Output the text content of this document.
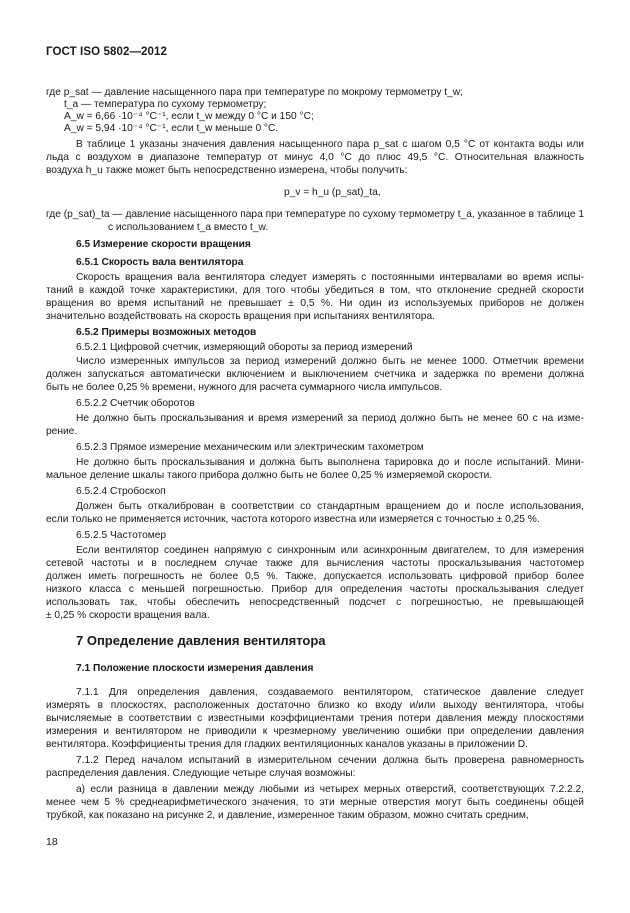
ГОСТ ISO 5802—2012
где p_sat — давление насыщенного пара при температуре по мокрому термометру t_w;
t_a — температура по сухому термометру;
A_w = 6,66 ·10⁻⁴ °C⁻¹, если t_w между 0 °C и 150 °C;
A_w = 5,94 ·10⁻⁴ °C⁻¹, если t_w меньше 0 °C.
В таблице 1 указаны значения давления насыщенного пара p_sat с шагом 0,5 °C от контакта воды или
льда с воздухом в диапазоне температур от минус 4,0 °C до плюс 49,5 °C. Относительная влажность
воздуха h_u также может быть непосредственно измерена, чтобы получить:
p_v = h_u (p_sat)_ta,
где (p_sat)_ta — давление насыщенного пара при температуре по сухому термометру t_a, указанное в таблице 1
с использованием t_a вместо t_w.
6.5 Измерение скорости вращения
6.5.1 Скорость вала вентилятора
Скорость вращения вала вентилятора следует измерять с постоянными интервалами во время испы-
таний в каждой точке характеристики, для того чтобы убедиться в том, что отклонение средней скорости
вращения во время испытаний не превышает ± 0,5 %. Ни один из используемых приборов не должен
значительно воздействовать на скорость вращения при испытаниях вентилятора.
6.5.2 Примеры возможных методов
6.5.2.1 Цифровой счетчик, измеряющий обороты за период измерений
Число измеренных импульсов за период измерений должно быть не менее 1000. Отметчик времени
должен запускаться автоматически включением и выключением счетчика и задержка по времени должна
быть не более 0,25 % времени, нужного для расчета суммарного числа импульсов.
6.5.2.2 Счетчик оборотов
Не должно быть проскальзывания и время измерений за период должно быть не менее 60 с на изме-
рение.
6.5.2.3 Прямое измерение механическим или электрическим тахометром
Не должно быть проскальзывания и должна быть выполнена тарировка до и после испытаний. Мини-
мальное деление шкалы такого прибора должно быть не более 0,25 % измеряемой скорости.
6.5.2.4 Стробоскоп
Должен быть откалиброван в соответствии со стандартным вращением до и после использования,
если только не применяется источник, частота которого известна или измеряется с точностью ± 0,25 %.
6.5.2.5 Частотомер
Если вентилятор соединен напрямую с синхронным или асинхронным двигателем, то для измерения
сетевой частоты и в последнем случае также для вычисления частоты проскальзывания частотомер
должен иметь погрешность не более 0,5 %. Также, допускается использовать цифровой прибор более
низкого класса с меньшей погрешностью. Прибор для определения частоты проскальзывания следует
использовать так, чтобы обеспечить непосредственный подсчет с погрешностью, не превышающей
± 0,25 % скорости вращения вала.
7 Определение давления вентилятора
7.1 Положение плоскости измерения давления
7.1.1 Для определения давления, создаваемого вентилятором, статическое давление следует
измерять в плоскостях, расположенных достаточно близко ко входу и/или выходу вентилятора, чтобы
вычисляемые в соответствии с известными коэффициентами трения потери давления между плоскостями
измерения и вентилятором не приводили к чрезмерному увеличению ошибки при определении давления
вентилятора. Коэффициенты трения для гладких вентиляционных каналов указаны в приложении D.
7.1.2 Перед началом испытаний в измерительном сечении должна быть проверена равномерность
распределения давления. Следующие четыре случая возможны:
а) если разница в давлении между любыми из четырех мерных отверстий, соответствующих 7.2.2.2,
менее чем 5 % среднеарифметического значения, то эти мерные отверстия могут быть соединены общей
трубкой, как показано на рисунке 2, и давление, измеренное таким образом, можно считать средним,
18
